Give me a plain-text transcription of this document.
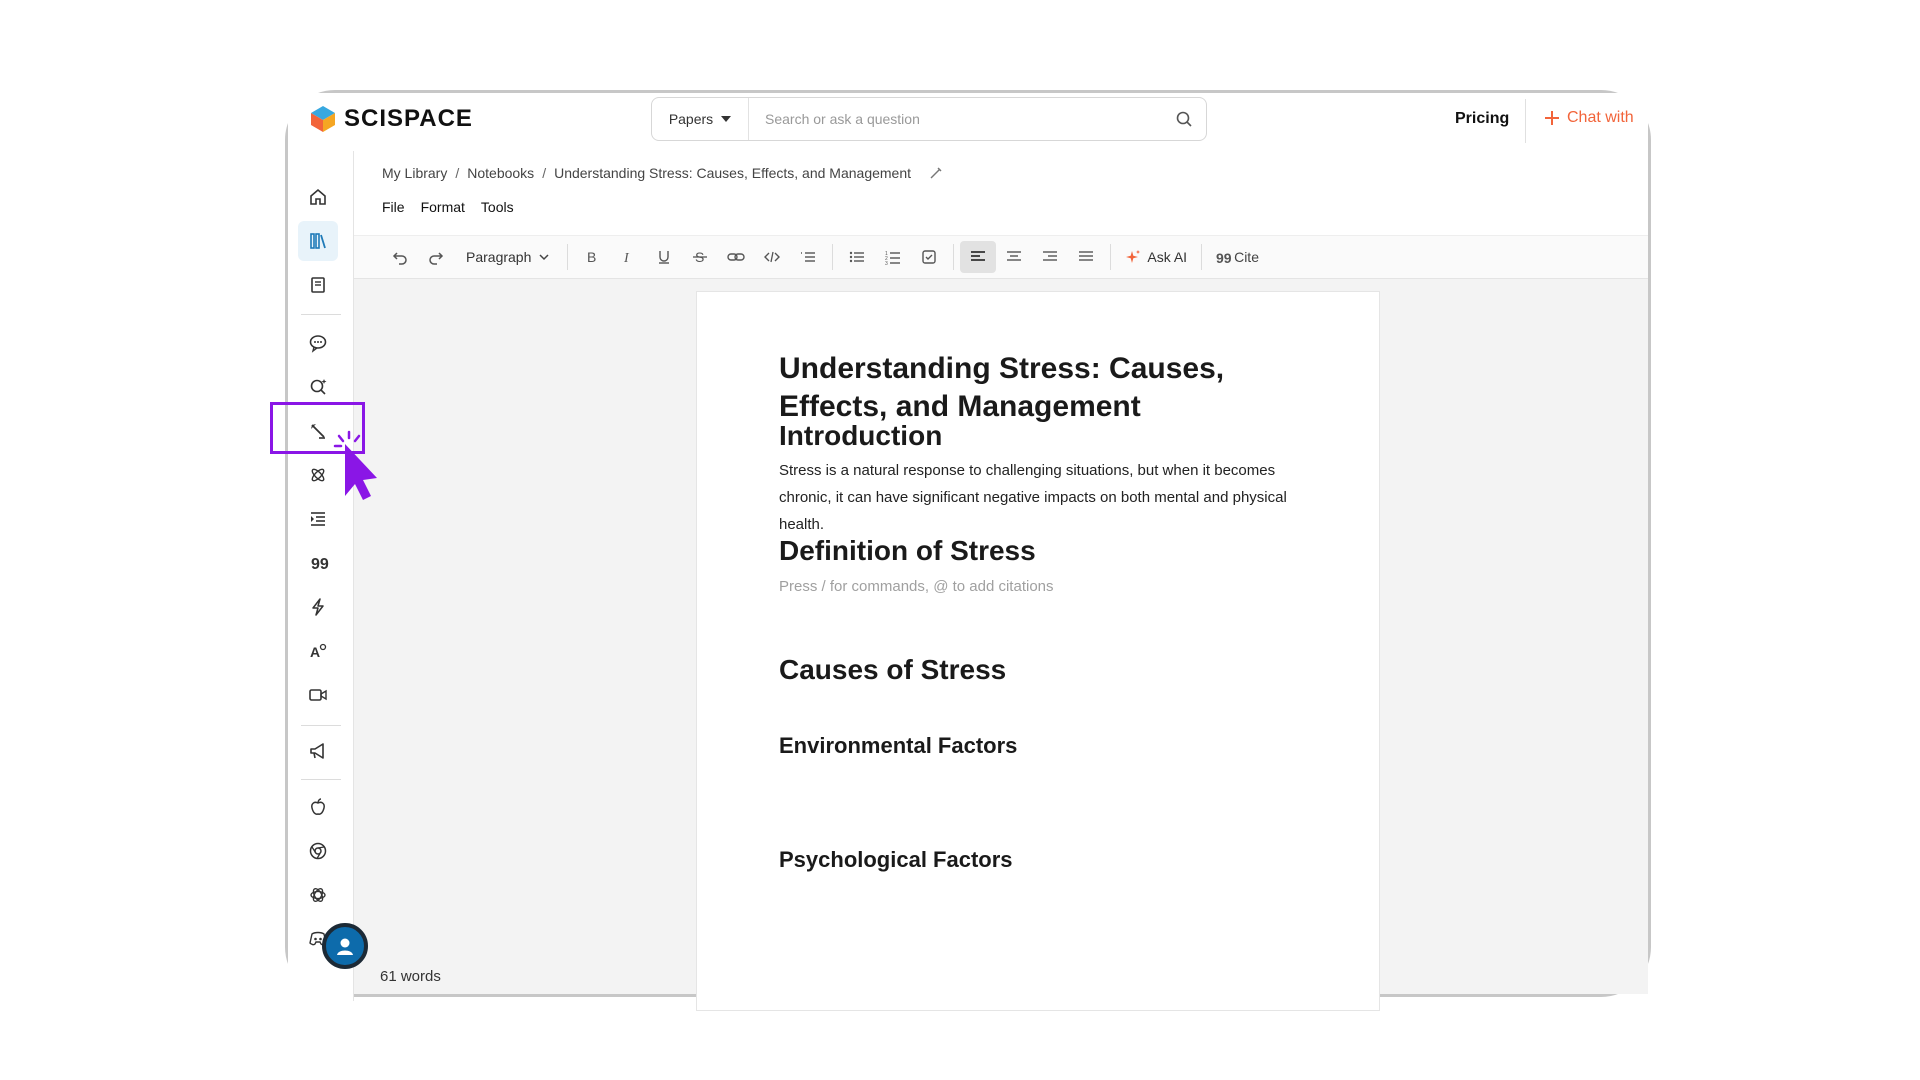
SCISPACE	Papers
Search or ask a question	Pricing	Chat with
99
A
My Library / Notebooks / Understanding Stress: Causes, Effects, and Management
File Format Tools
Paragraph	B I	S	1
2
3	Ask AI 99 Cite
Understanding Stress: Causes, Effects, and Management
Introduction
Stress is a natural response to challenging situations, but when it becomes chronic, it can have significant negative impacts on both mental and physical health.
Definition of Stress
Press / for commands, @ to add citations
Causes of Stress
Environmental Factors
Psychological Factors
61 words
